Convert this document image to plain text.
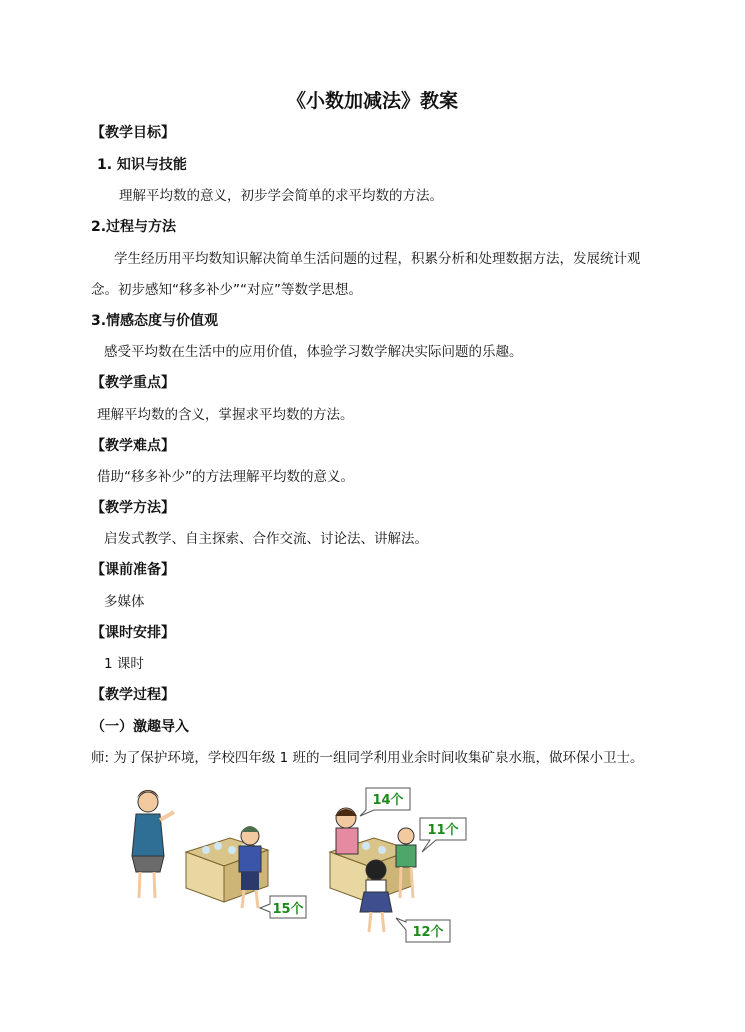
《小数加减法》教案
【教学目标】
1. 知识与技能
理解平均数的意义，初步学会简单的求平均数的方法。
2.过程与方法
学生经历用平均数知识解决简单生活问题的过程，积累分析和处理数据方法，发展统计观
念。初步感知“移多补少”“对应”等数学思想。
3.情感态度与价值观
感受平均数在生活中的应用价值，体验学习数学解决实际问题的乐趣。
【教学重点】
理解平均数的含义，掌握求平均数的方法。
【教学难点】
借助“移多补少”的方法理解平均数的意义。
【教学方法】
启发式教学、自主探索、合作交流、讨论法、讲解法。
【课前准备】
多媒体
【课时安排】
1 课时
【教学过程】
（一）激趣导入
师: 为了保护环境，学校四年级 1 班的一组同学利用业余时间收集矿泉水瓶，做环保小卫士。
15个
14个
11个
12个
